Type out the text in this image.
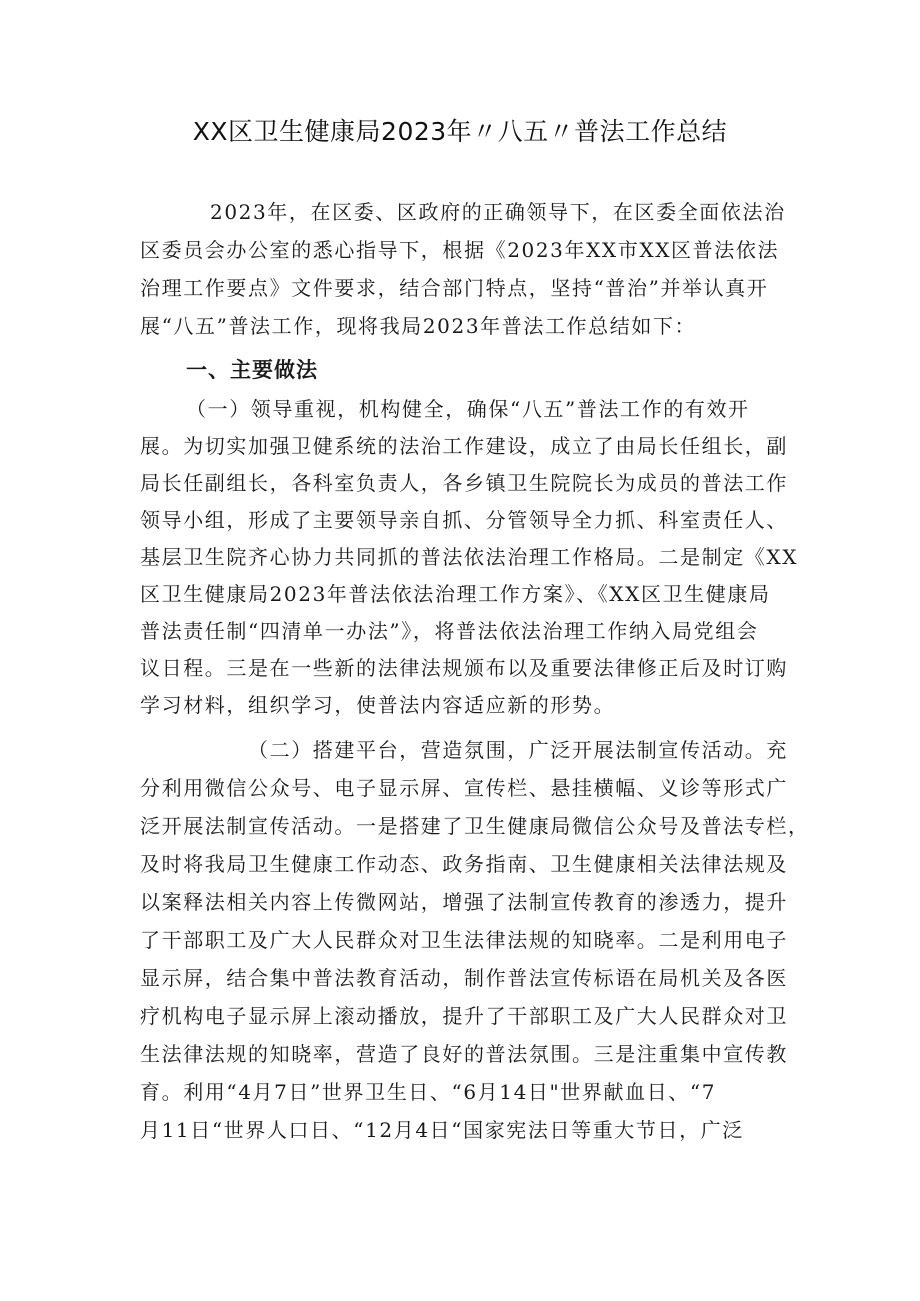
XX区卫生健康局2023年〃八五〃普法工作总结
2023年，在区委、区政府的正确领导下，在区委全面依法治
区委员会办公室的悉心指导下，根据《2023年XX市XX区普法依法
治理工作要点》文件要求，结合部门特点，坚持“普治”并举认真开
展“八五”普法工作，现将我局2023年普法工作总结如下：
一、主要做法
（一）领导重视，机构健全，确保“八五”普法工作的有效开
展。为切实加强卫健系统的法治工作建设，成立了由局长任组长，副
局长任副组长，各科室负责人，各乡镇卫生院院长为成员的普法工作
领导小组，形成了主要领导亲自抓、分管领导全力抓、科室责任人、
基层卫生院齐心协力共同抓的普法依法治理工作格局。二是制定《XX
区卫生健康局2023年普法依法治理工作方案》、《XX区卫生健康局
普法责任制“四清单一办法”》，将普法依法治理工作纳入局党组会
议日程。三是在一些新的法律法规颁布以及重要法律修正后及时订购
学习材料，组织学习，使普法内容适应新的形势。
（二）搭建平台，营造氛围，广泛开展法制宣传活动。充
分利用微信公众号、电子显示屏、宣传栏、悬挂横幅、义诊等形式广
泛开展法制宣传活动。一是搭建了卫生健康局微信公众号及普法专栏，
及时将我局卫生健康工作动态、政务指南、卫生健康相关法律法规及
以案释法相关内容上传微网站，增强了法制宣传教育的渗透力，提升
了干部职工及广大人民群众对卫生法律法规的知晓率。二是利用电子
显示屏，结合集中普法教育活动，制作普法宣传标语在局机关及各医
疗机构电子显示屏上滚动播放，提升了干部职工及广大人民群众对卫
生法律法规的知晓率，营造了良好的普法氛围。三是注重集中宣传教
育。利用“4月7日”世界卫生日、“6月14日"世界献血日、“7
月11日“世界人口日、“12月4日“国家宪法日等重大节日，广泛
